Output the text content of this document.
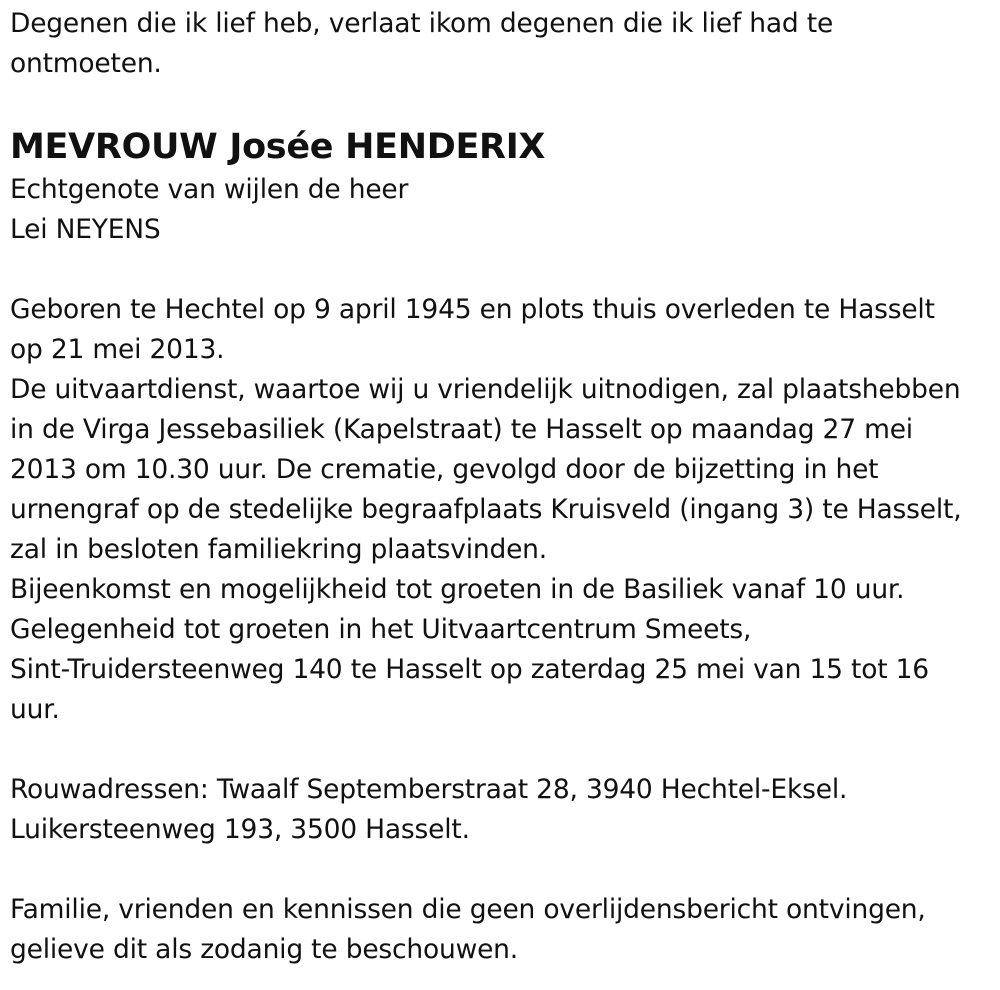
Degenen die ik lief heb, verlaat ikom degenen die ik lief had te
ontmoeten.
MEVROUW Josée HENDERIX
Echtgenote van wijlen de heer
Lei NEYENS
Geboren te Hechtel op 9 april 1945 en plots thuis overleden te Hasselt
op 21 mei 2013.
De uitvaartdienst, waartoe wij u vriendelijk uitnodigen, zal plaatshebben
in de Virga Jessebasiliek (Kapelstraat) te Hasselt op maandag 27 mei
2013 om 10.30 uur. De crematie, gevolgd door de bijzetting in het
urnengraf op de stedelijke begraafplaats Kruisveld (ingang 3) te Hasselt,
zal in besloten familiekring plaatsvinden.
Bijeenkomst en mogelijkheid tot groeten in de Basiliek vanaf 10 uur.
Gelegenheid tot groeten in het Uitvaartcentrum Smeets,
Sint-Truidersteenweg 140 te Hasselt op zaterdag 25 mei van 15 tot 16
uur.
Rouwadressen: Twaalf Septemberstraat 28, 3940 Hechtel-Eksel.
Luikersteenweg 193, 3500 Hasselt.
Familie, vrienden en kennissen die geen overlijdensbericht ontvingen,
gelieve dit als zodanig te beschouwen.
